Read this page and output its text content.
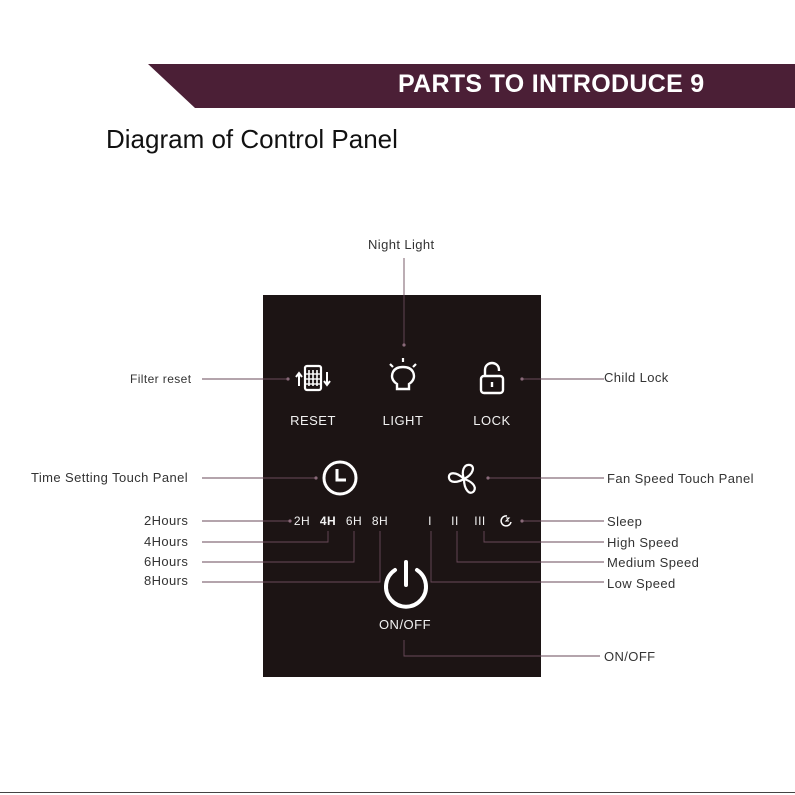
PARTS TO INTRODUCE 9
Diagram of Control Panel
RESET	LIGHT	LOCK
ON/OFF
2H 4H 6H 8H	I II III
Night Light
Filter reset	Child Lock
Time Setting Touch Panel	Fan Speed Touch Panel
2Hours
4Hours
6Hours
8Hours
Sleep
High Speed
Medium Speed
Low Speed
ON/OFF
